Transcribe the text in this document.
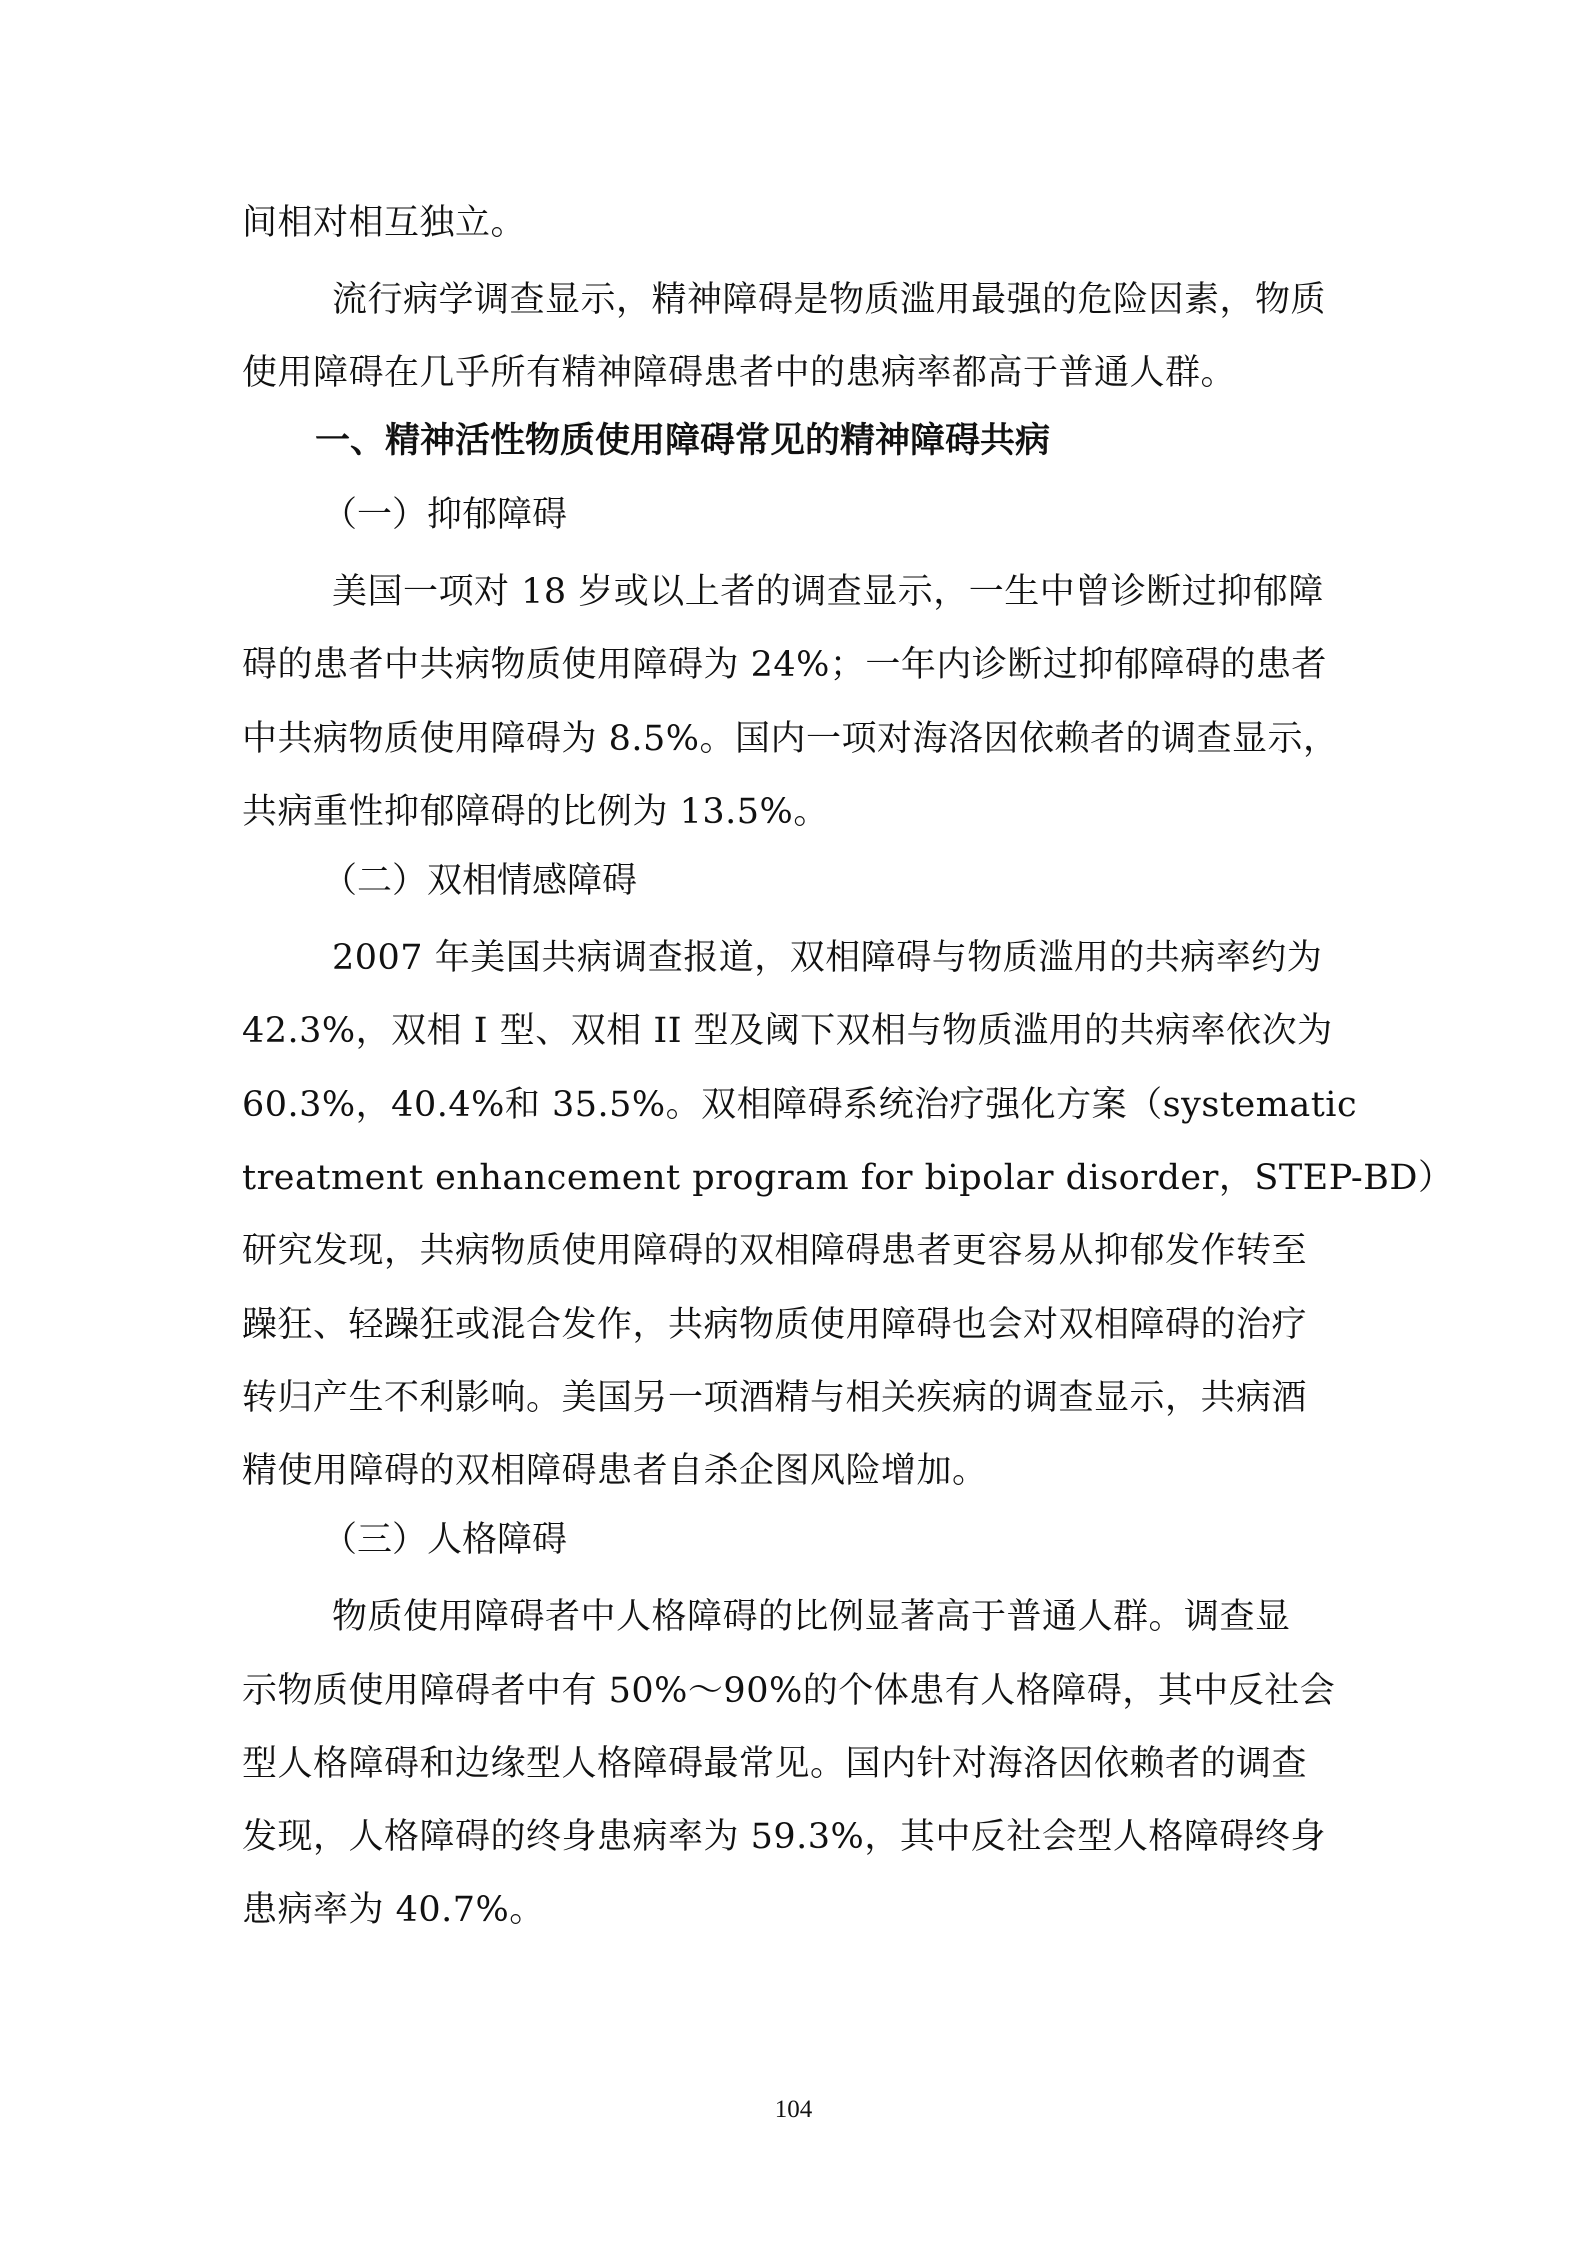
间相对相互独立。
流行病学调查显示，精神障碍是物质滥用最强的危险因素，物质
使用障碍在几乎所有精神障碍患者中的患病率都高于普通人群。
一、精神活性物质使用障碍常见的精神障碍共病
（一）抑郁障碍
美国一项对 18 岁或以上者的调查显示，一生中曾诊断过抑郁障
碍的患者中共病物质使用障碍为 24%；一年内诊断过抑郁障碍的患者
中共病物质使用障碍为 8.5%。国内一项对海洛因依赖者的调查显示，
共病重性抑郁障碍的比例为 13.5%。
（二）双相情感障碍
2007 年美国共病调查报道，双相障碍与物质滥用的共病率约为
42.3%，双相 I 型、双相 II 型及阈下双相与物质滥用的共病率依次为
60.3%，40.4%和 35.5%。双相障碍系统治疗强化方案（systematic
treatment enhancement program for bipolar disorder，STEP-BD）
研究发现，共病物质使用障碍的双相障碍患者更容易从抑郁发作转至
躁狂、轻躁狂或混合发作，共病物质使用障碍也会对双相障碍的治疗
转归产生不利影响。美国另一项酒精与相关疾病的调查显示，共病酒
精使用障碍的双相障碍患者自杀企图风险增加。
（三）人格障碍
物质使用障碍者中人格障碍的比例显著高于普通人群。调查显
示物质使用障碍者中有 50%～90%的个体患有人格障碍，其中反社会
型人格障碍和边缘型人格障碍最常见。国内针对海洛因依赖者的调查
发现，人格障碍的终身患病率为 59.3%，其中反社会型人格障碍终身
患病率为 40.7%。
104
